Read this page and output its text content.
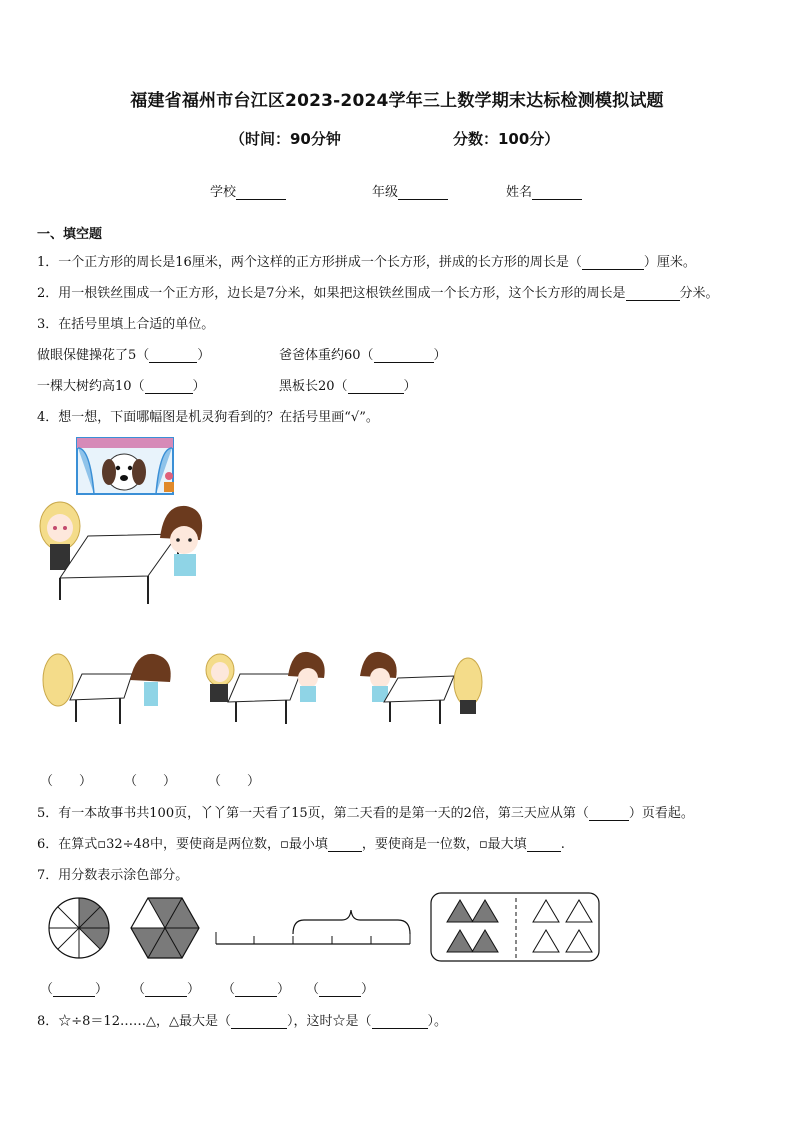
福建省福州市台江区2023-2024学年三上数学期末达标检测模拟试题
（时间：90分钟	分数：100分）
学校	年级	姓名
一、填空题
1．一个正方形的周长是16厘米，两个这样的正方形拼成一个长方形，拼成的长方形的周长是（	）厘米。
2．用一根铁丝围成一个正方形，边长是7分米，如果把这根铁丝围成一个长方形，这个长方形的周长是	分米。
3．在括号里填上合适的单位。
做眼保健操花了5（	）	爸爸体重约60（	）
一棵大树约高10（	）	黑板长20（	）
4．想一想，下面哪幅图是机灵狗看到的？在括号里画“√”。
（　　） （　　） （　　）
5．有一本故事书共100页，丫丫第一天看了15页，第二天看的是第一天的2倍，第三天应从第（	）页看起。
6．在算式▫32÷48中，要使商是两位数，▫最小填	，要使商是一位数，▫最大填	.
7．用分数表示涂色部分。
（	） （	） （	） （	）
8．☆÷8＝12……△，△最大是（	），这时☆是（	）。
